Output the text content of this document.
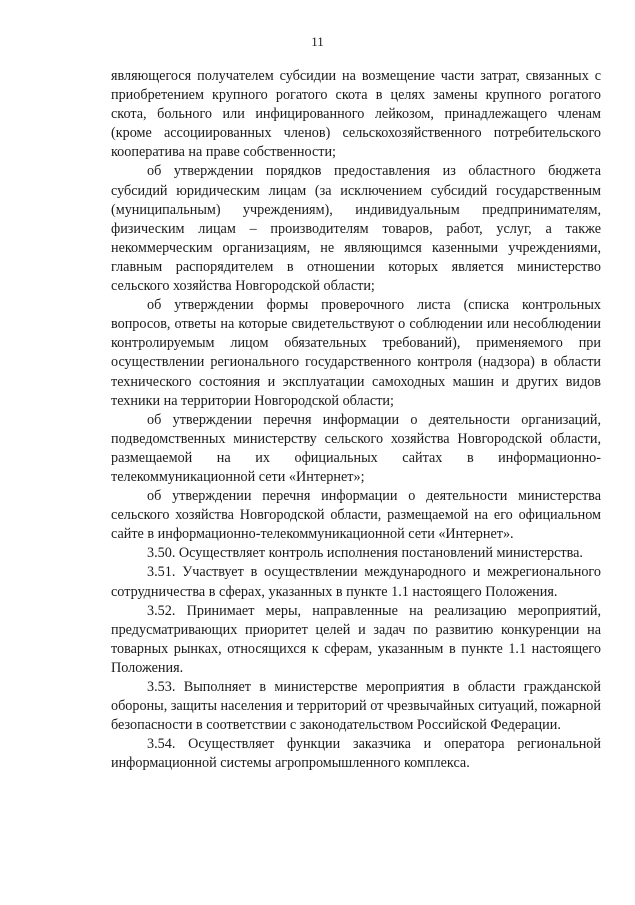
11

являющегося получателем субсидии на возмещение части затрат, связанных с приобретением крупного рогатого скота в целях замены крупного рогатого скота, больного или инфицированного лейкозом, принадлежащего членам (кроме ассоциированных членов) сельскохозяйственного потребительского кооператива на праве собственности;

об утверждении порядков предоставления из областного бюджета субсидий юридическим лицам (за исключением субсидий государственным (муниципальным) учреждениям), индивидуальным предпринимателям, физическим лицам – производителям товаров, работ, услуг, а также некоммерческим организациям, не являющимся казенными учреждениями, главным распорядителем в отношении которых является министерство сельского хозяйства Новгородской области;

об утверждении формы проверочного листа (списка контрольных вопросов, ответы на которые свидетельствуют о соблюдении или несоблюдении контролируемым лицом обязательных требований), применяемого при осуществлении регионального государственного контроля (надзора) в области технического состояния и эксплуатации самоходных машин и других видов техники на территории Новгородской области;

об утверждении перечня информации о деятельности организаций, подведомственных министерству сельского хозяйства Новгородской области, размещаемой на их официальных сайтах в информационно-телекоммуникационной сети «Интернет»;

об утверждении перечня информации о деятельности министерства сельского хозяйства Новгородской области, размещаемой на его официальном сайте в информационно-телекоммуникационной сети «Интернет».

3.50. Осуществляет контроль исполнения постановлений министерства.

3.51. Участвует в осуществлении международного и межрегионального сотрудничества в сферах, указанных в пункте 1.1 настоящего Положения.

3.52. Принимает меры, направленные на реализацию мероприятий, предусматривающих приоритет целей и задач по развитию конкуренции на товарных рынках, относящихся к сферам, указанным в пункте 1.1 настоящего Положения.

3.53. Выполняет в министерстве мероприятия в области гражданской обороны, защиты населения и территорий от чрезвычайных ситуаций, пожарной безопасности в соответствии с законодательством Российской Федерации.

3.54. Осуществляет функции заказчика и оператора региональной информационной системы агропромышленного комплекса.
